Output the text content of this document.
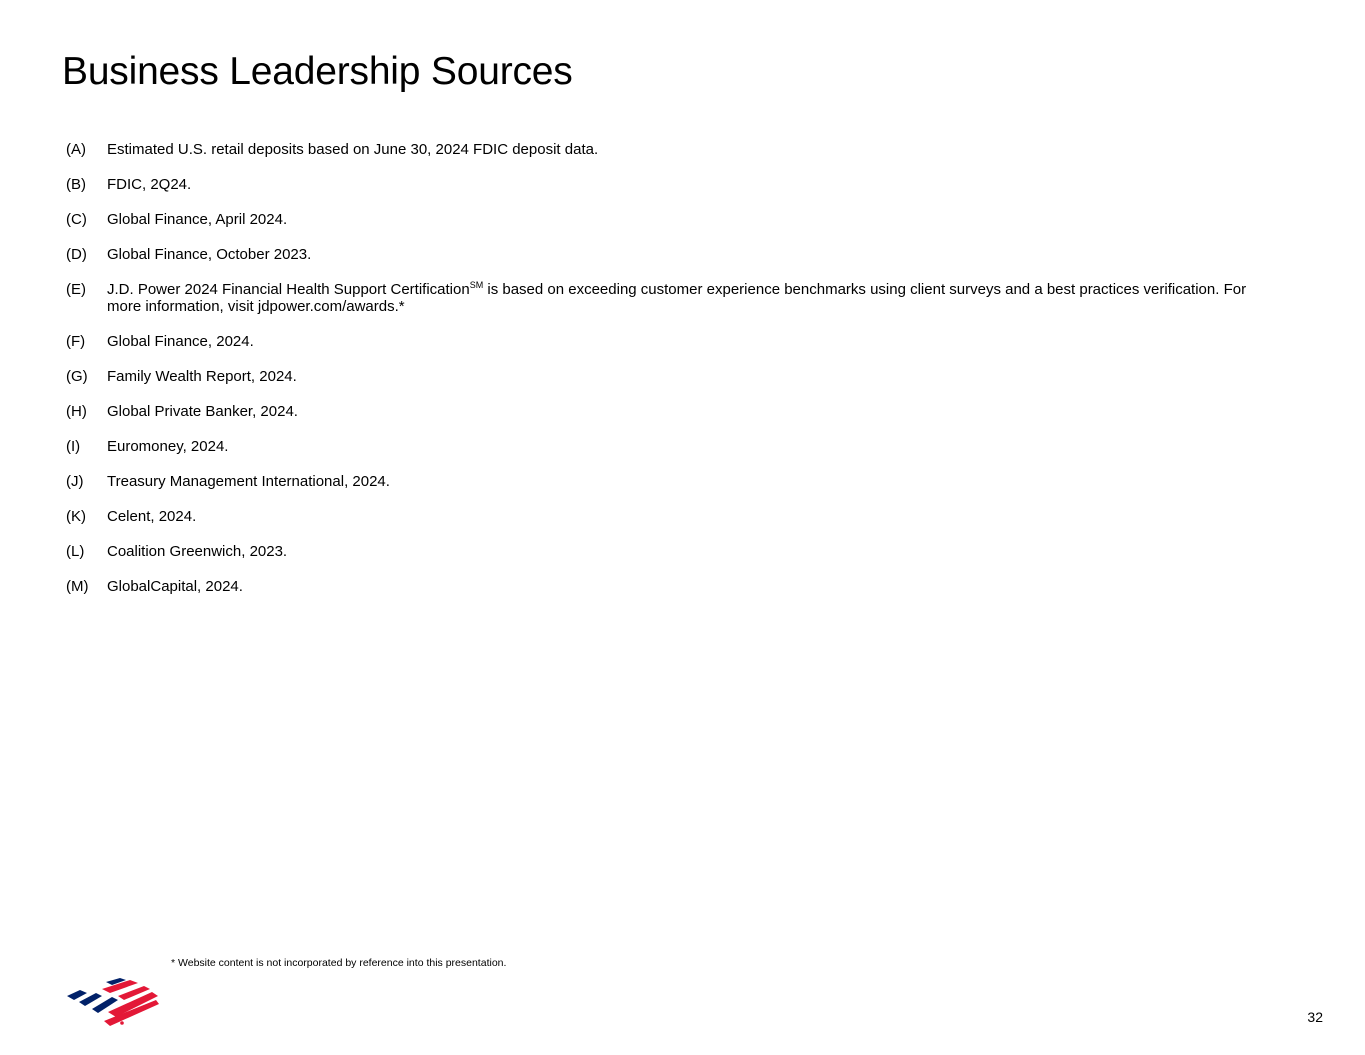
Business Leadership Sources
(A)	Estimated U.S. retail deposits based on June 30, 2024 FDIC deposit data.
(B)	FDIC, 2Q24.
(C)	Global Finance, April 2024.
(D)	Global Finance, October 2023.
(E)	J.D. Power 2024 Financial Health Support Certification℠ is based on exceeding customer experience benchmarks using client surveys and a best practices verification. For more information, visit jdpower.com/awards.*
(F)	Global Finance, 2024.
(G)	Family Wealth Report, 2024.
(H)	Global Private Banker, 2024.
(I)	Euromoney, 2024.
(J)	Treasury Management International, 2024.
(K)	Celent, 2024.
(L)	Coalition Greenwich, 2023.
(M)	GlobalCapital, 2024.
* Website content is not incorporated by reference into this presentation.
32
